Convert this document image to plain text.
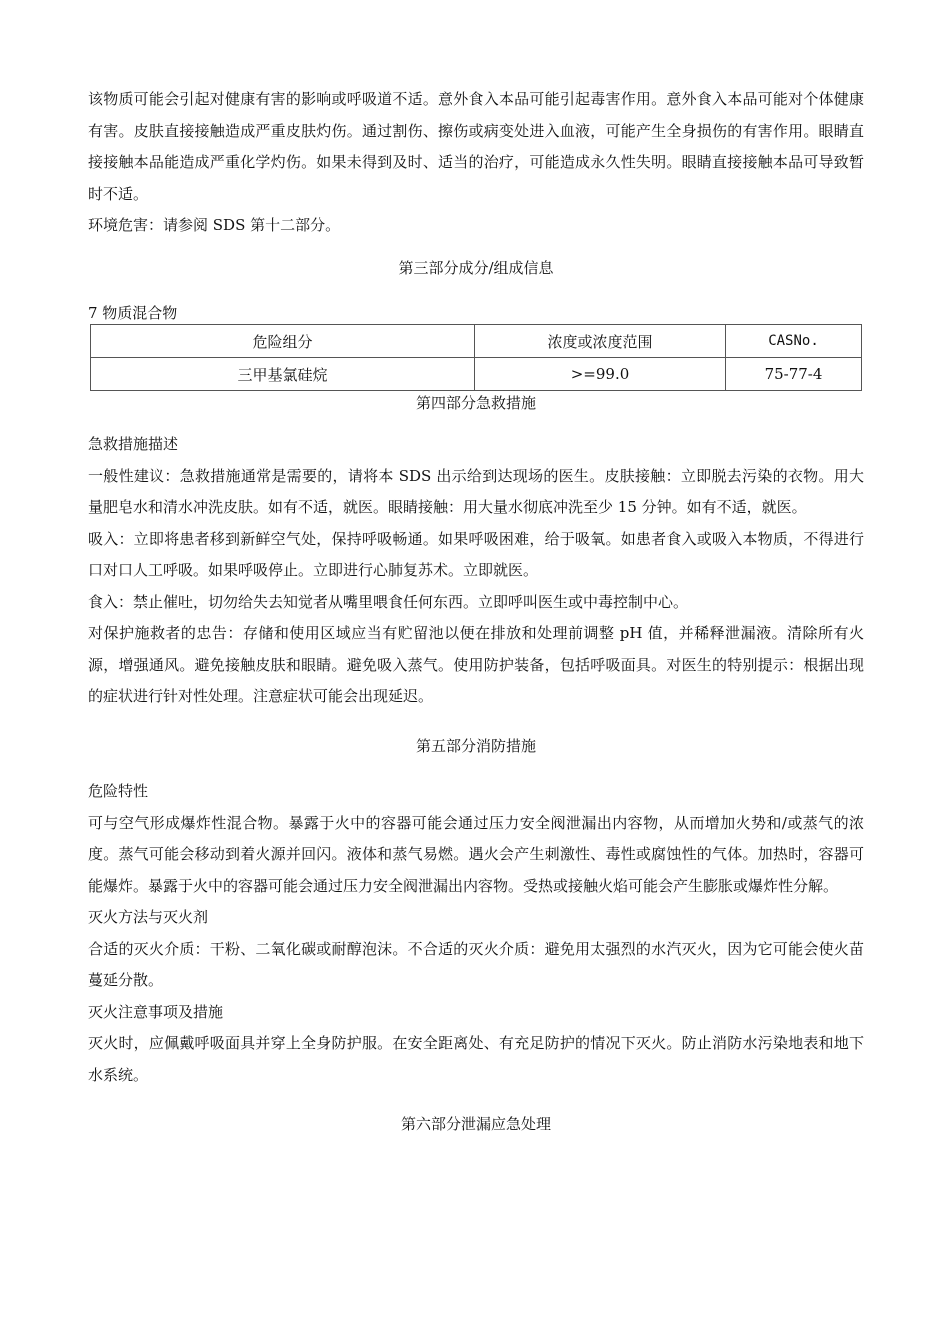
该物质可能会引起对健康有害的影响或呼吸道不适。意外食入本品可能引起毒害作用。意外食入本品可能对个体健康有害。皮肤直接接触造成严重皮肤灼伤。通过割伤、擦伤或病变处进入血液，可能产生全身损伤的有害作用。眼睛直接接触本品能造成严重化学灼伤。如果未得到及时、适当的治疗，可能造成永久性失明。眼睛直接接触本品可导致暂时不适。

环境危害：请参阅 SDS 第十二部分。

第三部分成分/组成信息

7 物质混合物

危险组分	浓度或浓度范围	CASNo.
三甲基氯硅烷	>=99.0	75-77-4

第四部分急救措施

急救措施描述

一般性建议：急救措施通常是需要的，请将本 SDS 出示给到达现场的医生。皮肤接触：立即脱去污染的衣物。用大量肥皂水和清水冲洗皮肤。如有不适，就医。眼睛接触：用大量水彻底冲洗至少 15 分钟。如有不适，就医。

吸入：立即将患者移到新鲜空气处，保持呼吸畅通。如果呼吸困难，给于吸氧。如患者食入或吸入本物质，不得进行口对口人工呼吸。如果呼吸停止。立即进行心肺复苏术。立即就医。

食入：禁止催吐，切勿给失去知觉者从嘴里喂食任何东西。立即呼叫医生或中毒控制中心。

对保护施救者的忠告：存储和使用区域应当有贮留池以便在排放和处理前调整 pH 值，并稀释泄漏液。清除所有火源，增强通风。避免接触皮肤和眼睛。避免吸入蒸气。使用防护装备，包括呼吸面具。对医生的特别提示：根据出现的症状进行针对性处理。注意症状可能会出现延迟。

第五部分消防措施

危险特性

可与空气形成爆炸性混合物。暴露于火中的容器可能会通过压力安全阀泄漏出内容物，从而增加火势和/或蒸气的浓度。蒸气可能会移动到着火源并回闪。液体和蒸气易燃。遇火会产生刺激性、毒性或腐蚀性的气体。加热时，容器可能爆炸。暴露于火中的容器可能会通过压力安全阀泄漏出内容物。受热或接触火焰可能会产生膨胀或爆炸性分解。

灭火方法与灭火剂

合适的灭火介质：干粉、二氧化碳或耐醇泡沫。不合适的灭火介质：避免用太强烈的水汽灭火，因为它可能会使火苗蔓延分散。

灭火注意事项及措施

灭火时，应佩戴呼吸面具并穿上全身防护服。在安全距离处、有充足防护的情况下灭火。防止消防水污染地表和地下水系统。

第六部分泄漏应急处理
